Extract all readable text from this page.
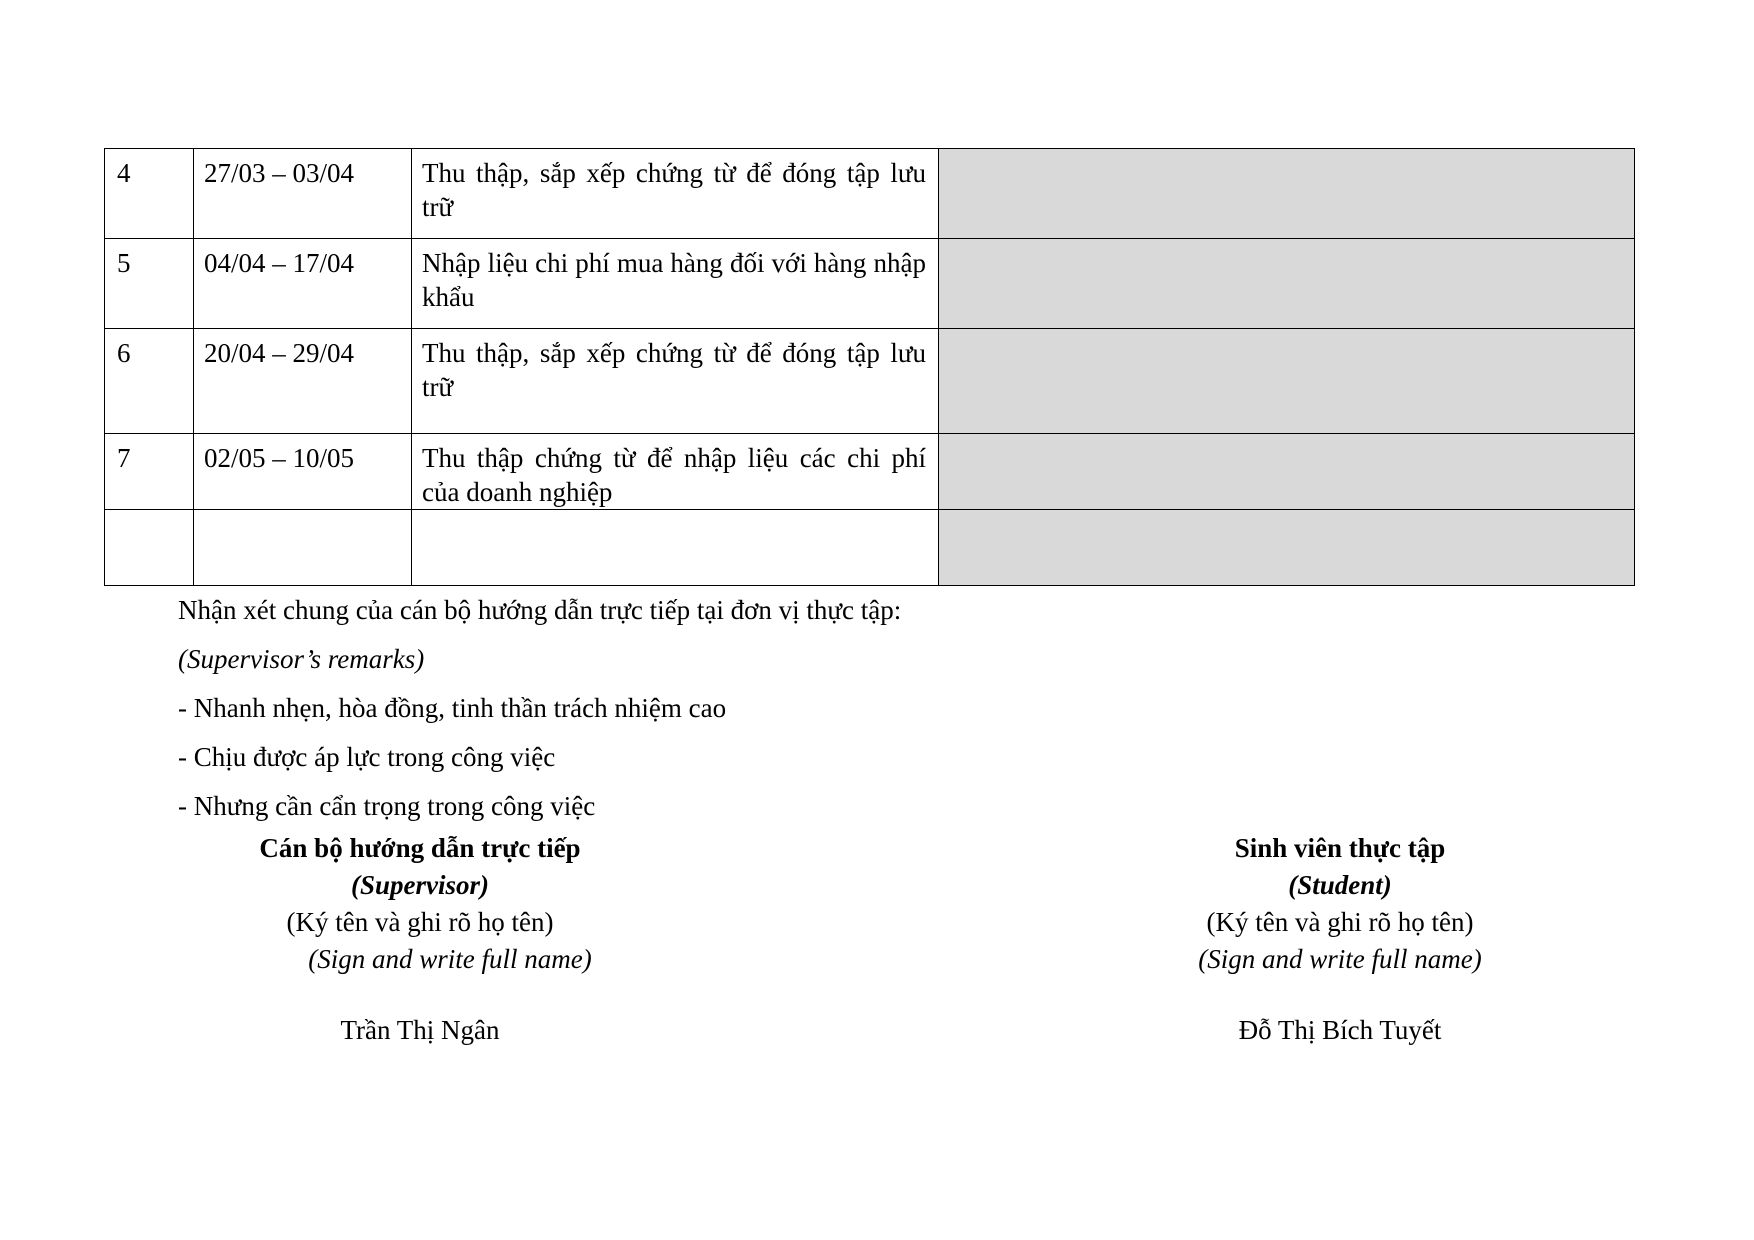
4	27/03 – 03/04	Thu thập, sắp xếp chứng từ để đóng tập lưu trữ	
5	04/04 – 17/04	Nhập liệu chi phí mua hàng đối với hàng nhập khẩu	
6	20/04 – 29/04	Thu thập, sắp xếp chứng từ để đóng tập lưu trữ	
7	02/05 – 10/05	Thu thập chứng từ để nhập liệu các chi phí của doanh nghiệp	

Nhận xét chung của cán bộ hướng dẫn trực tiếp tại đơn vị thực tập:
(Supervisor’s remarks)
- Nhanh nhẹn, hòa đồng, tinh thần trách nhiệm cao
- Chịu được áp lực trong công việc
- Nhưng cần cẩn trọng trong công việc
Cán bộ hướng dẫn trực tiếp
(Supervisor)
(Ký tên và ghi rõ họ tên)
(Sign and write full name)
Trần Thị Ngân
Sinh viên thực tập
(Student)
(Ký tên và ghi rõ họ tên)
(Sign and write full name)
Đỗ Thị Bích Tuyết
